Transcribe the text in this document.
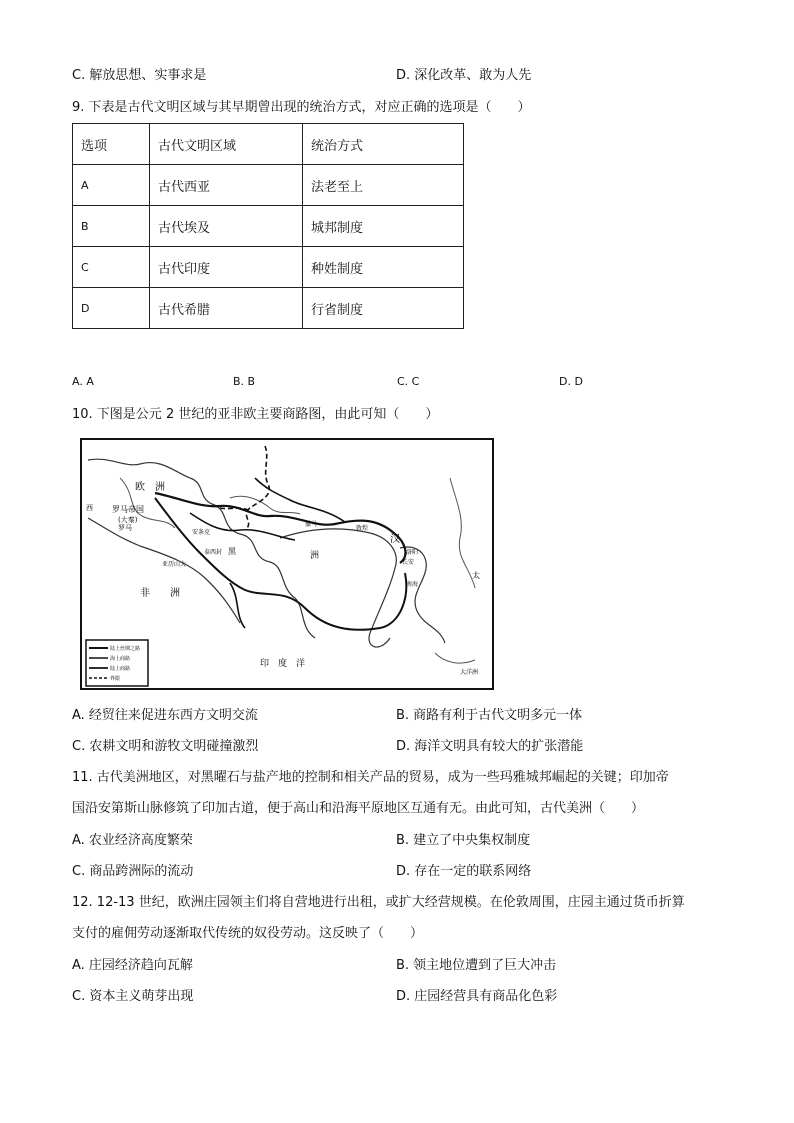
C. 解放思想、实事求是	D. 深化改革、敢为人先
9. 下表是古代文明区域与其早期曾出现的统治方式，对应正确的选项是（　　）
选项	古代文明区域	统治方式
A	古代西亚	法老至上
B	古代埃及	城邦制度
C	古代印度	种姓制度
D	古代希腊	行省制度
A. A	B. B	C. C	D. D
10. 下图是公元 2 世纪的亚非欧主要商路图，由此可知（　　）
欧　洲
罗马帝国
(大秦)
罗马
西
安条克
泰西封
亚历山大
黑
非　　洲
洲
汉
长安
洛阳
南海
敦煌
撒马
印　度　洋
太
大洋洲
陆上丝绸之路
海上商路
陆上商路
界限
A. 经贸往来促进东西方文明交流	B. 商路有利于古代文明多元一体
C. 农耕文明和游牧文明碰撞激烈	D. 海洋文明具有较大的扩张潜能
11. 古代美洲地区，对黑曜石与盐产地的控制和相关产品的贸易，成为一些玛雅城邦崛起的关键；印加帝
国沿安第斯山脉修筑了印加古道，便于高山和沿海平原地区互通有无。由此可知，古代美洲（　　）
A. 农业经济高度繁荣	B. 建立了中央集权制度
C. 商品跨洲际的流动	D. 存在一定的联系网络
12. 12-13 世纪，欧洲庄园领主们将自营地进行出租，或扩大经营规模。在伦敦周围，庄园主通过货币折算
支付的雇佣劳动逐渐取代传统的奴役劳动。这反映了（　　）
A. 庄园经济趋向瓦解	B. 领主地位遭到了巨大冲击
C. 资本主义萌芽出现	D. 庄园经营具有商品化色彩
